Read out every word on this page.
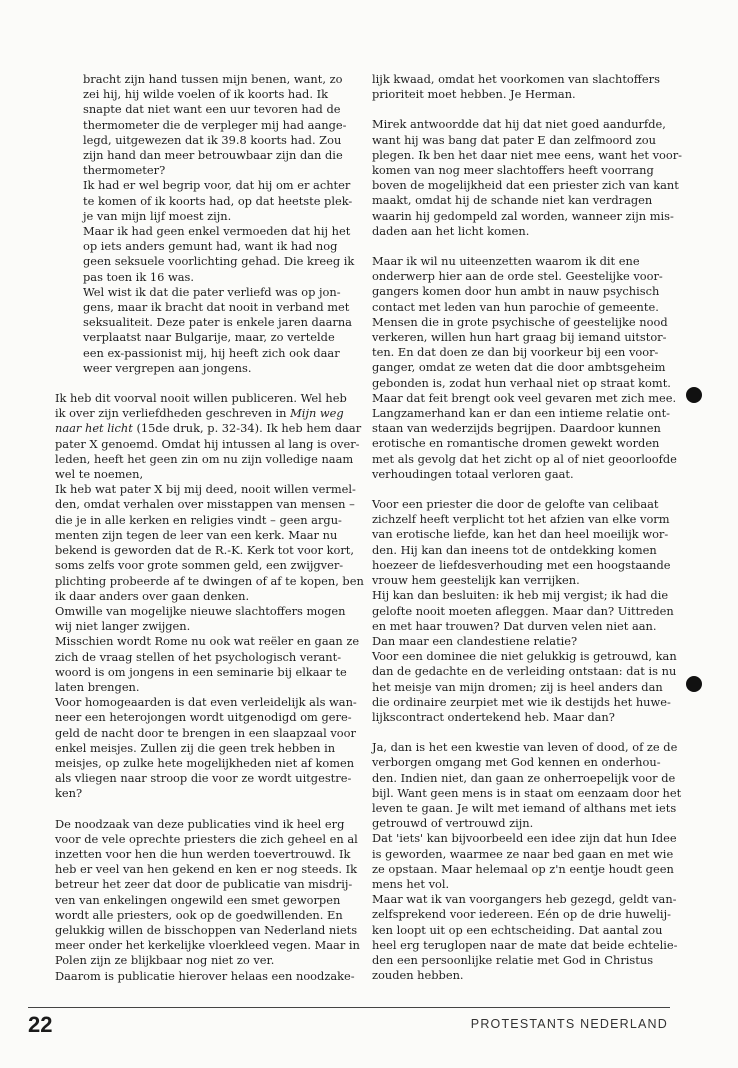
bracht zijn hand tussen mijn benen, want, zo
zei hij, hij wilde voelen of ik koorts had. Ik
snapte dat niet want een uur tevoren had de
thermometer die de verpleger mij had aange-
legd, uitgewezen dat ik 39.8 koorts had. Zou
zijn hand dan meer betrouwbaar zijn dan die
thermometer?
Ik had er wel begrip voor, dat hij om er achter
te komen of ik koorts had, op dat heetste plek-
je van mijn lijf moest zijn.
Maar ik had geen enkel vermoeden dat hij het
op iets anders gemunt had, want ik had nog
geen seksuele voorlichting gehad. Die kreeg ik
pas toen ik 16 was.
Wel wist ik dat die pater verliefd was op jon-
gens, maar ik bracht dat nooit in verband met
seksualiteit. Deze pater is enkele jaren daarna
verplaatst naar Bulgarije, maar, zo vertelde
een ex-passionist mij, hij heeft zich ook daar
weer vergrepen aan jongens.
Ik heb dit voorval nooit willen publiceren. Wel heb
ik over zijn verliefdheden geschreven in Mijn weg
naar het licht (15de druk, p. 32-34). Ik heb hem daar
pater X genoemd. Omdat hij intussen al lang is over-
leden, heeft het geen zin om nu zijn volledige naam
wel te noemen,
Ik heb wat pater X bij mij deed, nooit willen vermel-
den, omdat verhalen over misstappen van mensen –
die je in alle kerken en religies vindt – geen argu-
menten zijn tegen de leer van een kerk. Maar nu
bekend is geworden dat de R.-K. Kerk tot voor kort,
soms zelfs voor grote sommen geld, een zwijgver-
plichting probeerde af te dwingen of af te kopen, ben
ik daar anders over gaan denken.
Omwille van mogelijke nieuwe slachtoffers mogen
wij niet langer zwijgen.
Misschien wordt Rome nu ook wat reëler en gaan ze
zich de vraag stellen of het psychologisch verant-
woord is om jongens in een seminarie bij elkaar te
laten brengen.
Voor homogeaarden is dat even verleidelijk als wan-
neer een heterojongen wordt uitgenodigd om gere-
geld de nacht door te brengen in een slaapzaal voor
enkel meisjes. Zullen zij die geen trek hebben in
meisjes, op zulke hete mogelijkheden niet af komen
als vliegen naar stroop die voor ze wordt uitgestre-
ken?
De noodzaak van deze publicaties vind ik heel erg
voor de vele oprechte priesters die zich geheel en al
inzetten voor hen die hun werden toevertrouwd. Ik
heb er veel van hen gekend en ken er nog steeds. Ik
betreur het zeer dat door de publicatie van misdrij-
ven van enkelingen ongewild een smet geworpen
wordt alle priesters, ook op de goedwillenden. En
gelukkig willen de bisschoppen van Nederland niets
meer onder het kerkelijke vloerkleed vegen. Maar in
Polen zijn ze blijkbaar nog niet zo ver.
Daarom is publicatie hierover helaas een noodzake-
lijk kwaad, omdat het voorkomen van slachtoffers
prioriteit moet hebben. Je Herman.
Mirek antwoordde dat hij dat niet goed aandurfde,
want hij was bang dat pater E dan zelfmoord zou
plegen. Ik ben het daar niet mee eens, want het voor-
komen van nog meer slachtoffers heeft voorrang
boven de mogelijkheid dat een priester zich van kant
maakt, omdat hij de schande niet kan verdragen
waarin hij gedompeld zal worden, wanneer zijn mis-
daden aan het licht komen.
Maar ik wil nu uiteenzetten waarom ik dit ene
onderwerp hier aan de orde stel. Geestelijke voor-
gangers komen door hun ambt in nauw psychisch
contact met leden van hun parochie of gemeente.
Mensen die in grote psychische of geestelijke nood
verkeren, willen hun hart graag bij iemand uitstor-
ten. En dat doen ze dan bij voorkeur bij een voor-
ganger, omdat ze weten dat die door ambtsgeheim
gebonden is, zodat hun verhaal niet op straat komt.
Maar dat feit brengt ook veel gevaren met zich mee.
Langzamerhand kan er dan een intieme relatie ont-
staan van wederzijds begrijpen. Daardoor kunnen
erotische en romantische dromen gewekt worden
met als gevolg dat het zicht op al of niet geoorloofde
verhoudingen totaal verloren gaat.
Voor een priester die door de gelofte van celibaat
zichzelf heeft verplicht tot het afzien van elke vorm
van erotische liefde, kan het dan heel moeilijk wor-
den. Hij kan dan ineens tot de ontdekking komen
hoezeer de liefdesverhouding met een hoogstaande
vrouw hem geestelijk kan verrijken.
Hij kan dan besluiten: ik heb mij vergist; ik had die
gelofte nooit moeten afleggen. Maar dan? Uittreden
en met haar trouwen? Dat durven velen niet aan.
Dan maar een clandestiene relatie?
Voor een dominee die niet gelukkig is getrouwd, kan
dan de gedachte en de verleiding ontstaan: dat is nu
het meisje van mijn dromen; zij is heel anders dan
die ordinaire zeurpiet met wie ik destijds het huwe-
lijkscontract ondertekend heb. Maar dan?
Ja, dan is het een kwestie van leven of dood, of ze de
verborgen omgang met God kennen en onderhou-
den. Indien niet, dan gaan ze onherroepelijk voor de
bijl. Want geen mens is in staat om eenzaam door het
leven te gaan. Je wilt met iemand of althans met iets
getrouwd of vertrouwd zijn.
Dat 'iets' kan bijvoorbeeld een idee zijn dat hun Idee
is geworden, waarmee ze naar bed gaan en met wie
ze opstaan. Maar helemaal op z'n eentje houdt geen
mens het vol.
Maar wat ik van voorgangers heb gezegd, geldt van-
zelfsprekend voor iedereen. Eén op de drie huwelij-
ken loopt uit op een echtscheiding. Dat aantal zou
heel erg teruglopen naar de mate dat beide echtelie-
den een persoonlijke relatie met God in Christus
zouden hebben.
22	PROTESTANTS NEDERLAND
